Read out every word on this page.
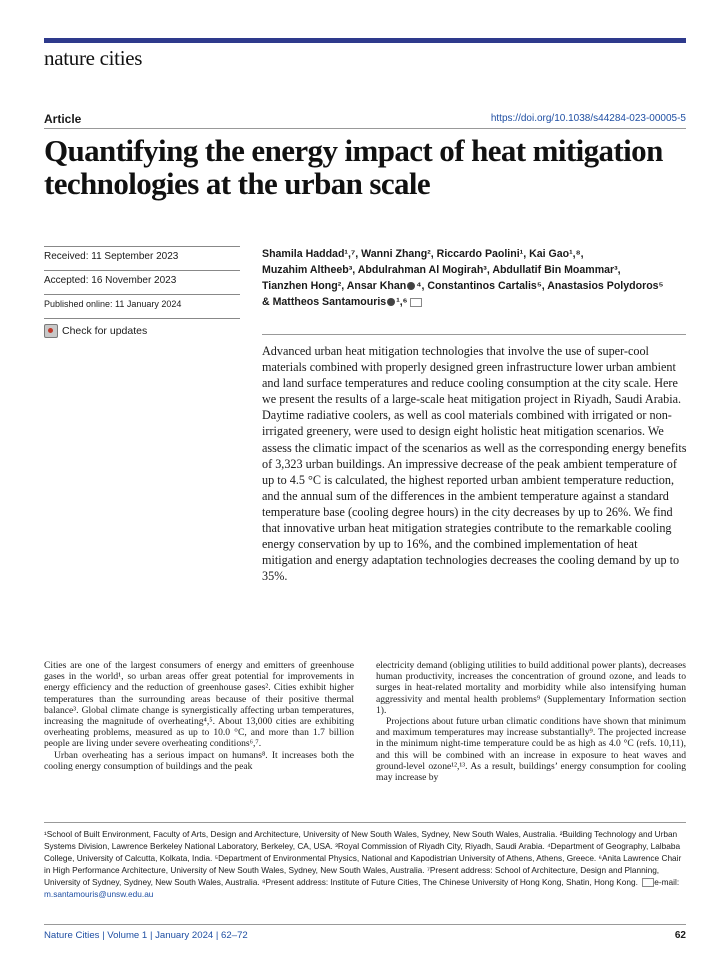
nature cities
Article	https://doi.org/10.1038/s44284-023-00005-5
Quantifying the energy impact of heat mitigation technologies at the urban scale
Received: 11 September 2023
Accepted: 16 November 2023
Published online: 11 January 2024
Check for updates
Shamila Haddad¹,⁷, Wanni Zhang², Riccardo Paolini¹, Kai Gao¹,⁸,
Muzahim Altheeb³, Abdulrahman Al Mogirah³, Abdullatif Bin Moammar³,
Tianzhen Hong², Ansar Khan ⁴, Constantinos Cartalis⁵, Anastasios Polydoros⁵
& Mattheos Santamouris ¹,⁶

Advanced urban heat mitigation technologies that involve the use of super-cool materials combined with properly designed green infrastructure lower urban ambient and land surface temperatures and reduce cooling consumption at the city scale. Here we present the results of a large-scale heat mitigation project in Riyadh, Saudi Arabia. Daytime radiative coolers, as well as cool materials combined with irrigated or non-irrigated greenery, were used to design eight holistic heat mitigation scenarios. We assess the climatic impact of the scenarios as well as the corresponding energy benefits of 3,323 urban buildings. An impressive decrease of the peak ambient temperature of up to 4.5 °C is calculated, the highest reported urban ambient temperature reduction, and the annual sum of the differences in the ambient temperature against a standard temperature base (cooling degree hours) in the city decreases by up to 26%. We find that innovative urban heat mitigation strategies contribute to the remarkable cooling energy conservation by up to 16%, and the combined implementation of heat mitigation and energy adaptation technologies decreases the cooling demand by up to 35%.

Cities are one of the largest consumers of energy and emitters of greenhouse gases in the world¹, so urban areas offer great potential for improvements in energy efficiency and the reduction of greenhouse gases². Cities exhibit higher temperatures than the surrounding areas because of their positive thermal balance³. Global climate change is synergistically affecting urban temperatures, increasing the magnitude of overheating⁴,⁵. About 13,000 cities are exhibiting overheating problems, measured as up to 10.0 °C, and more than 1.7 billion people are living under severe overheating conditions⁶,⁷.

Urban overheating has a serious impact on humans⁸. It increases both the cooling energy consumption of buildings and the peak

electricity demand (obliging utilities to build additional power plants), decreases human productivity, increases the concentration of ground ozone, and leads to surges in heat-related mortality and morbidity while also intensifying human aggressivity and mental health problems⁹ (Supplementary Information section 1).

Projections about future urban climatic conditions have shown that minimum and maximum temperatures may increase substantially⁹. The projected increase in the minimum night-time temperature could be as high as 4.0 °C (refs. 10,11), and this will be combined with an increase in exposure to heat waves and ground-level ozone¹²,¹³. As a result, buildings’ energy consumption for cooling may increase by

¹School of Built Environment, Faculty of Arts, Design and Architecture, University of New South Wales, Sydney, New South Wales, Australia. ²Building Technology and Urban Systems Division, Lawrence Berkeley National Laboratory, Berkeley, CA, USA. ³Royal Commission of Riyadh City, Riyadh, Saudi Arabia. ⁴Department of Geography, Lalbaba College, University of Calcutta, Kolkata, India. ⁵Department of Environmental Physics, National and Kapodistrian University of Athens, Athens, Greece. ⁶Anita Lawrence Chair in High Performance Architecture, University of New South Wales, Sydney, New South Wales, Australia. ⁷Present address: School of Architecture, Design and Planning, University of Sydney, Sydney, New South Wales, Australia. ⁸Present address: Institute of Future Cities, The Chinese University of Hong Kong, Shatin, Hong Kong. e-mail: m.santamouris@unsw.edu.au

Nature Cities | Volume 1 | January 2024 | 62–72	62
